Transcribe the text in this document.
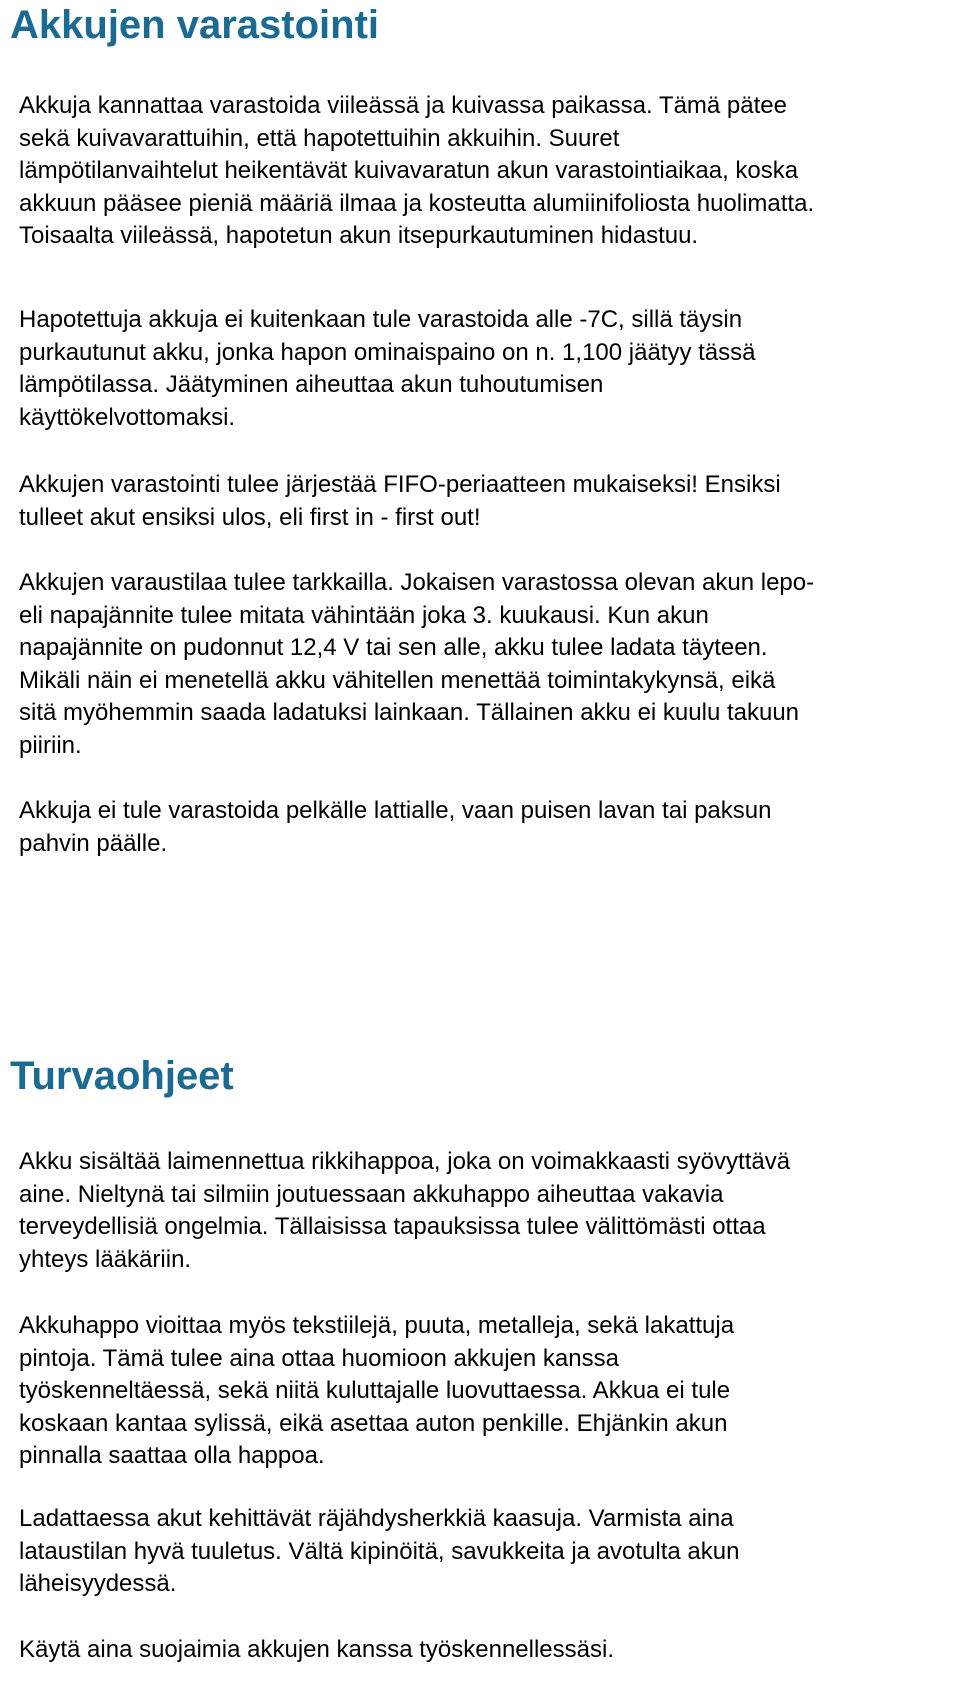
Akkujen varastointi

Akkuja kannattaa varastoida viileässä ja kuivassa paikassa. Tämä pätee
sekä kuivavarattuihin, että hapotettuihin akkuihin. Suuret
lämpötilanvaihtelut heikentävät kuivavaratun akun varastointiaikaa, koska
akkuun pääsee pieniä määriä ilmaa ja kosteutta alumiinifoliosta huolimatta.
Toisaalta viileässä, hapotetun akun itsepurkautuminen hidastuu.

Hapotettuja akkuja ei kuitenkaan tule varastoida alle -7C, sillä täysin
purkautunut akku, jonka hapon ominaispaino on n. 1,100 jäätyy tässä
lämpötilassa. Jäätyminen aiheuttaa akun tuhoutumisen
käyttökelvottomaksi.

Akkujen varastointi tulee järjestää FIFO-periaatteen mukaiseksi! Ensiksi
tulleet akut ensiksi ulos, eli first in - first out!

Akkujen varaustilaa tulee tarkkailla. Jokaisen varastossa olevan akun lepo-
eli napajännite tulee mitata vähintään joka 3. kuukausi. Kun akun
napajännite on pudonnut 12,4 V tai sen alle, akku tulee ladata täyteen.
Mikäli näin ei menetellä akku vähitellen menettää toimintakykynsä, eikä
sitä myöhemmin saada ladatuksi lainkaan. Tällainen akku ei kuulu takuun
piiriin.

Akkuja ei tule varastoida pelkälle lattialle, vaan puisen lavan tai paksun
pahvin päälle.

Turvaohjeet

Akku sisältää laimennettua rikkihappoa, joka on voimakkaasti syövyttävä
aine. Nieltynä tai silmiin joutuessaan akkuhappo aiheuttaa vakavia
terveydellisiä ongelmia. Tällaisissa tapauksissa tulee välittömästi ottaa
yhteys lääkäriin.

Akkuhappo vioittaa myös tekstiilejä, puuta, metalleja, sekä lakattuja
pintoja. Tämä tulee aina ottaa huomioon akkujen kanssa
työskenneltäessä, sekä niitä kuluttajalle luovuttaessa. Akkua ei tule
koskaan kantaa sylissä, eikä asettaa auton penkille. Ehjänkin akun
pinnalla saattaa olla happoa.

Ladattaessa akut kehittävät räjähdysherkkiä kaasuja. Varmista aina
lataustilan hyvä tuuletus. Vältä kipinöitä, savukkeita ja avotulta akun
läheisyydessä.

Käytä aina suojaimia akkujen kanssa työskennellessäsi.
